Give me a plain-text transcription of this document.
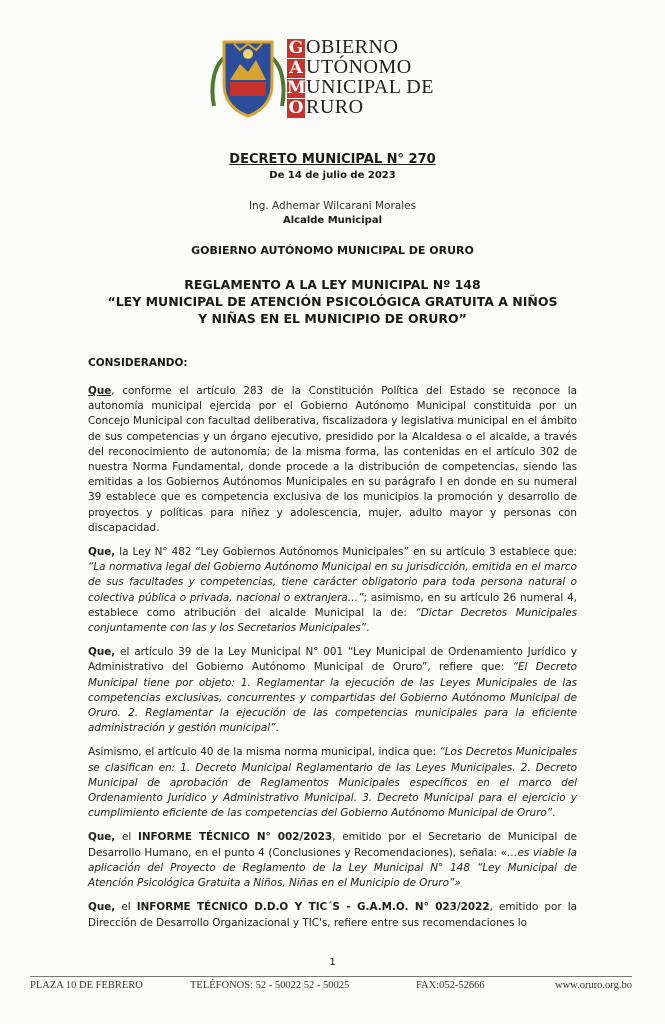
G OBIERNO
A UTÓNOMO
M UNICIPAL DE
O RURO
DECRETO MUNICIPAL N° 270
De 14 de julio de 2023
Ing. Adhemar Wilcarani Morales
Alcalde Municipal
GOBIERNO AUTÓNOMO MUNICIPAL DE ORURO
REGLAMENTO A LA LEY MUNICIPAL Nº 148
“LEY MUNICIPAL DE ATENCIÓN PSICOLÓGICA GRATUITA A NIÑOS
Y NIÑAS EN EL MUNICIPIO DE ORURO”
CONSIDERANDO:

Que, conforme el artículo 283 de la Constitución Política del Estado se reconoce la autonomía municipal ejercida por el Gobierno Autónomo Municipal constituida por un Concejo Municipal con facultad deliberativa, fiscalizadora y legislativa municipal en el ámbito de sus competencias y un órgano ejecutivo, presidido por la Alcaldesa o el alcalde, a través del reconocimiento de autonomía; de la misma forma, las contenidas en el artículo 302 de nuestra Norma Fundamental, donde procede a la distribución de competencias, siendo las emitidas a los Gobiernos Autónomos Municipales en su parágrafo I en donde en su numeral 39 establece que es competencia exclusiva de los municipios la promoción y desarrollo de proyectos y políticas para niñez y adolescencia, mujer, adulto mayor y personas con discapacidad.

Que, la Ley N° 482 “Ley Gobiernos Autónomos Municipales” en su artículo 3 establece que: “La normativa legal del Gobierno Autónomo Municipal en su jurisdicción, emitida en el marco de sus facultades y competencias, tiene carácter obligatorio para toda persona natural o colectiva pública o privada, nacional o extranjera…”; asimismo, en su artículo 26 numeral 4, establece como atribución del alcalde Municipal la de: “Dictar Decretos Municipales conjuntamente con las y los Secretarios Municipales”.

Que, el artículo 39 de la Ley Municipal N° 001 “Ley Municipal de Ordenamiento Jurídico y Administrativo del Gobierno Autónomo Municipal de Oruro”, refiere que: “El Decreto Municipal tiene por objeto: 1. Reglamentar la ejecución de las Leyes Municipales de las competencias exclusivas, concurrentes y compartidas del Gobierno Autónomo Municipal de Oruro. 2. Reglamentar la ejecución de las competencias municipales para la eficiente administración y gestión municipal”.

Asimismo, el artículo 40 de la misma norma municipal, indica que: “Los Decretos Municipales se clasifican en: 1. Decreto Municipal Reglamentario de las Leyes Municipales. 2. Decreto Municipal de aprobación de Reglamentos Municipales específicos en el marco del Ordenamiento Jurídico y Administrativo Municipal. 3. Decreto Municipal para el ejercicio y cumplimiento eficiente de las competencias del Gobierno Autónomo Municipal de Oruro”.

Que, el INFORME TÉCNICO N° 002/2023, emitido por el Secretario de Municipal de Desarrollo Humano, en el punto 4 (Conclusiones y Recomendaciones), señala: «…es viable la aplicación del Proyecto de Reglamento de la Ley Municipal N° 148 “Ley Municipal de Atención Psicológica Gratuita a Niños, Niñas en el Municipio de Oruro”»

Que, el INFORME TÉCNICO D.D.O Y TIC´S - G.A.M.O. N° 023/2022, emitido por la Dirección de Desarrollo Organizacional y TIC's, refiere entre sus recomendaciones lo

1
PLAZA 10 DE FEBRERO	TELÉFONOS: 52 - 50022 52 - 50025	FAX:052-52666	www.oruro.org.bo
